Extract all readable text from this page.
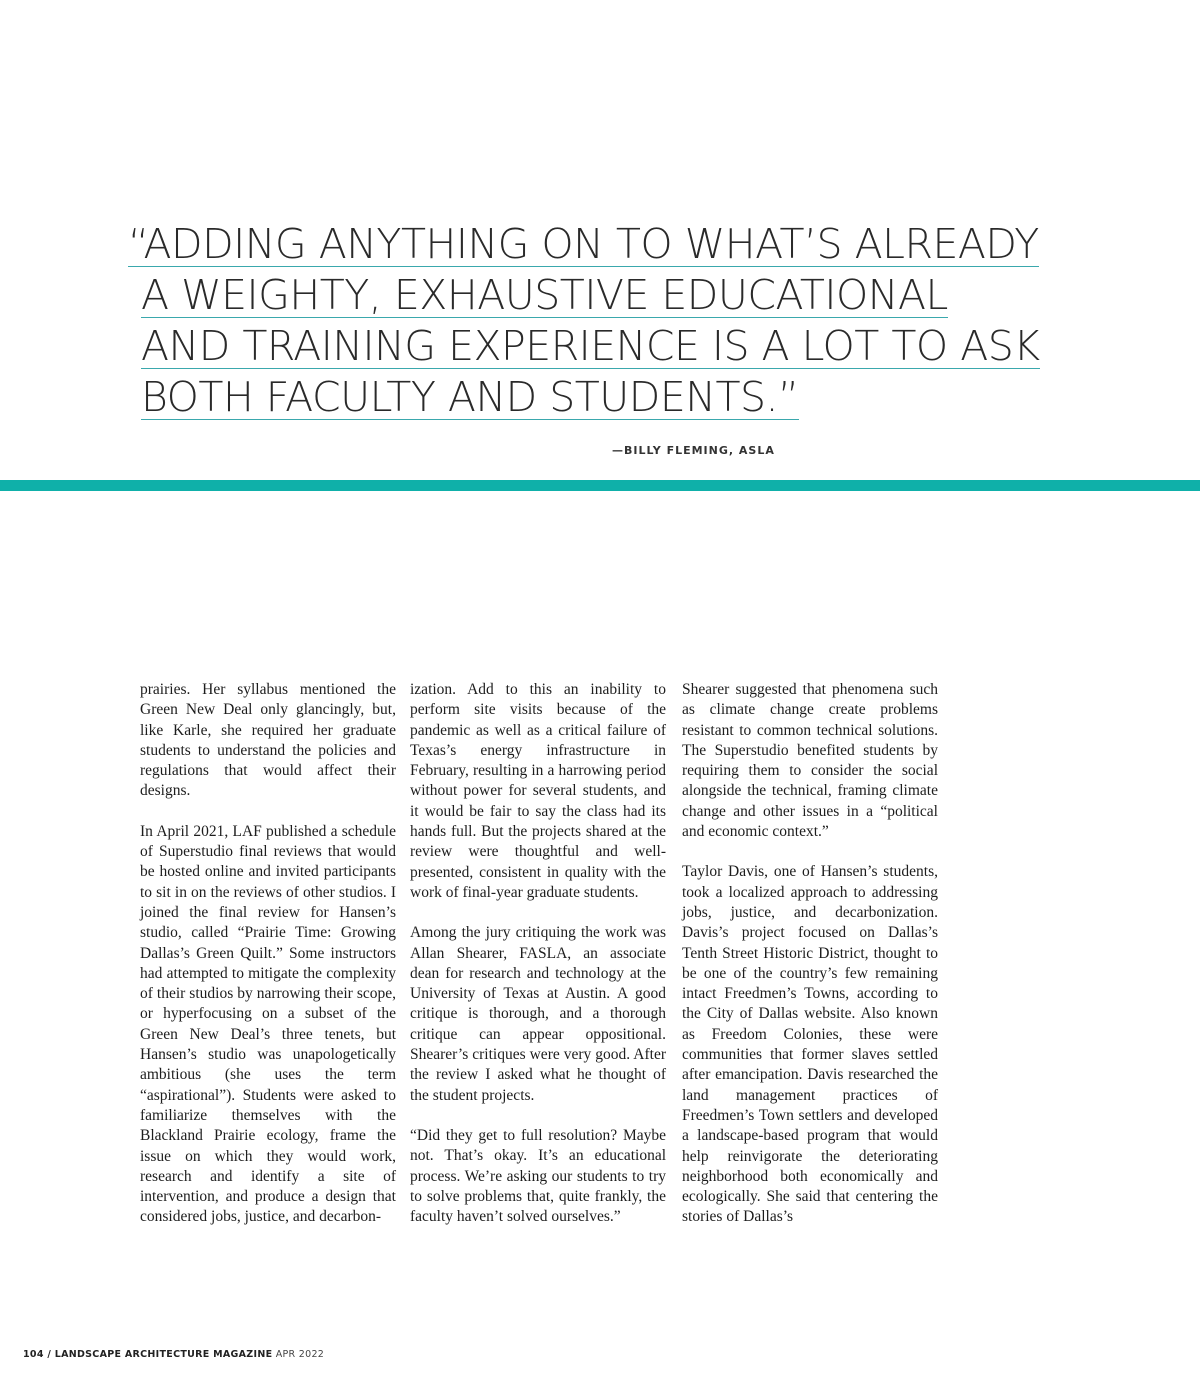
“ADDING ANYTHING ON TO WHAT’S ALREADY
A WEIGHTY, EXHAUSTIVE EDUCATIONAL
AND TRAINING EXPERIENCE IS A LOT TO ASK
BOTH FACULTY AND STUDENTS.”
—BILLY FLEMING, ASLA

prairies. Her syllabus mentioned the Green New Deal only glancingly, but, like Karle, she required her graduate students to understand the policies and regulations that would affect their designs.

In April 2021, LAF published a schedule of Superstudio final reviews that would be hosted online and invited participants to sit in on the reviews of other studios. I joined the final review for Hansen’s studio, called “Prairie Time: Growing Dallas’s Green Quilt.” Some instructors had attempted to mitigate the complexity of their studios by narrowing their scope, or hyperfocusing on a subset of the Green New Deal’s three tenets, but Hansen’s studio was unapologetically ambitious (she uses the term “aspirational”). Students were asked to familiarize themselves with the Blackland Prairie ecology, frame the issue on which they would work, research and identify a site of intervention, and produce a design that considered jobs, justice, and decarbon-

ization. Add to this an inability to perform site visits because of the pandemic as well as a critical failure of Texas’s energy infrastructure in February, resulting in a harrowing period without power for several students, and it would be fair to say the class had its hands full. But the projects shared at the review were thoughtful and well-presented, consistent in quality with the work of final-year graduate students.

Among the jury critiquing the work was Allan Shearer, FASLA, an associate dean for research and technology at the University of Texas at Austin. A good critique is thorough, and a thorough critique can appear oppositional. Shearer’s critiques were very good. After the review I asked what he thought of the student projects.

“Did they get to full resolution? Maybe not. That’s okay. It’s an educational process. We’re asking our students to try to solve problems that, quite frankly, the faculty haven’t solved ourselves.”

Shearer suggested that phenomena such as climate change create problems resistant to common technical solutions. The Superstudio benefited students by requiring them to consider the social alongside the technical, framing climate change and other issues in a “political and economic context.”

Taylor Davis, one of Hansen’s students, took a localized approach to addressing jobs, justice, and decarbonization. Davis’s project focused on Dallas’s Tenth Street Historic District, thought to be one of the country’s few remaining intact Freedmen’s Towns, according to the City of Dallas website. Also known as Freedom Colonies, these were communities that former slaves settled after emancipation. Davis researched the land management practices of Freedmen’s Town settlers and developed a landscape-based program that would help reinvigorate the deteriorating neighborhood both economically and ecologically. She said that centering the stories of Dallas’s

104 / LANDSCAPE ARCHITECTURE MAGAZINE APR 2022
